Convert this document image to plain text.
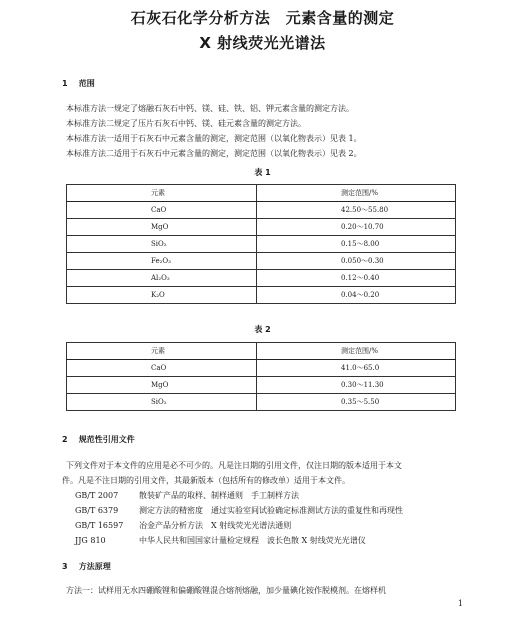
石灰石化学分析方法　元素含量的测定
X 射线荧光光谱法
1 范围
本标准方法一规定了熔融石灰石中钙、镁、硅、铁、铝、钾元素含量的测定方法。
本标准方法二规定了压片石灰石中钙、镁、硅元素含量的测定方法。
本标准方法一适用于石灰石中元素含量的测定，测定范围（以氧化物表示）见表 1。
本标准方法二适用于石灰石中元素含量的测定，测定范围（以氧化物表示）见表 2。
表 1
元素	测定范围/%
CaO	42.50～55.80
MgO	0.20～10.70
SiO₂	0.15～8.00
Fe₂O₃	0.050～0.30
Al₂O₃	0.12～0.40
K₂O	0.04～0.20
表 2
元素	测定范围/%
CaO	41.0～65.0
MgO	0.30～11.30
SiO₂	0.35～5.50
2 规范性引用文件
下列文件对于本文件的应用是必不可少的。凡是注日期的引用文件，仅注日期的版本适用于本文
件。凡是不注日期的引用文件，其最新版本（包括所有的修改单）适用于本文件。
GB/T 2007	散装矿产品的取样、制样通则　手工制样方法
GB/T 6379	测定方法的精密度　通过实验室间试验确定标准测试方法的重复性和再现性
GB/T 16597 冶金产品分析方法　X 射线荧光光谱法通则
JJG 810	中华人民共和国国家计量检定规程　波长色散 X 射线荧光光谱仪
3 方法原理
方法一：试样用无水四硼酸锂和偏硼酸锂混合熔剂熔融，加少量碘化铵作脱模剂。在熔样机
1
